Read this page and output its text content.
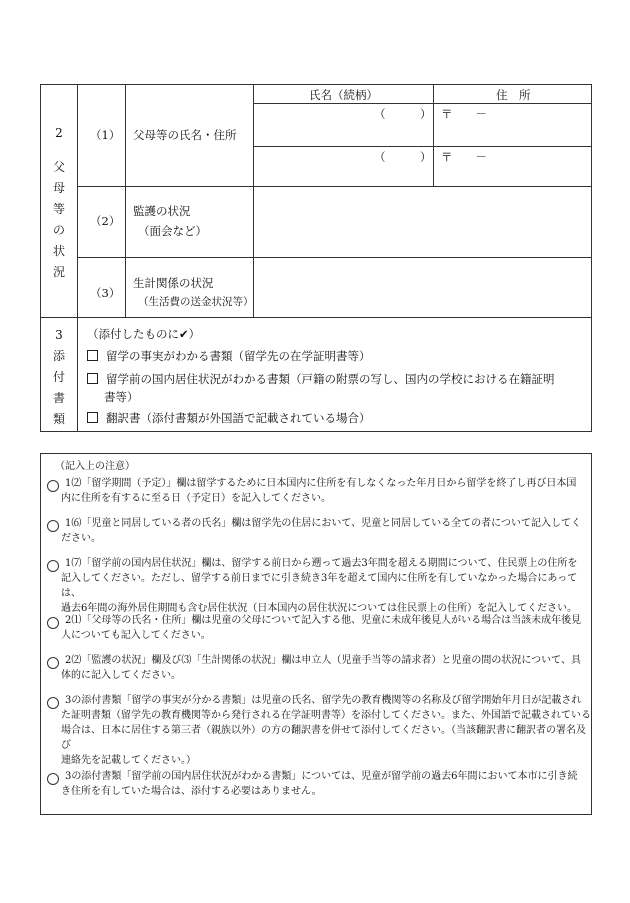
2
父
母
等
の
状
況
（1） 父母等の氏名・住所
氏名（続柄）	住　所
（　　　） 〒　　－
（　　　） 〒　　－
（2）
監護の状況
（面会など）
（3）
生計関係の状況
（生活費の送金状況等）
3
添
付
書
類
（添付したものに✔）
留学の事実がわかる書類（留学先の在学証明書等）
留学前の国内居住状況がわかる書類（戸籍の附票の写し、国内の学校における在籍証明
書等）
翻訳書（添付書類が外国語で記載されている場合）
（記入上の注意）
1⑵「留学期間（予定）」欄は留学するために日本国内に住所を有しなくなった年月日から留学を終了し再び日本国
内に住所を有するに至る日（予定日）を記入してください。
1⑹「児童と同居している者の氏名」欄は留学先の住居において、児童と同居している全ての者について記入してく
ださい。
1⑺「留学前の国内居住状況」欄は、留学する前日から遡って過去3年間を超える期間について、住民票上の住所を
記入してください。ただし、留学する前日までに引き続き3年を超えて国内に住所を有していなかった場合にあっては、
過去6年間の海外居住期間も含む居住状況（日本国内の居住状況については住民票上の住所）を記入してください。
2⑴「父母等の氏名・住所」欄は児童の父母について記入する他、児童に未成年後見人がいる場合は当該未成年後見
人についても記入してください。
2⑵「監護の状況」欄及び⑶「生計関係の状況」欄は申立人（児童手当等の請求者）と児童の間の状況について、具
体的に記入してください。
3の添付書類「留学の事実が分かる書類」は児童の氏名、留学先の教育機関等の名称及び留学開始年月日が記載され
た証明書類（留学先の教育機関等から発行される在学証明書等）を添付してください。また、外国語で記載されている
場合は、日本に居住する第三者（親族以外）の方の翻訳書を併せて添付してください。（当該翻訳書に翻訳者の署名及び
連絡先を記載してください。）
3の添付書類「留学前の国内居住状況がわかる書類」については、児童が留学前の過去6年間において本市に引き続
き住所を有していた場合は、添付する必要はありません。
